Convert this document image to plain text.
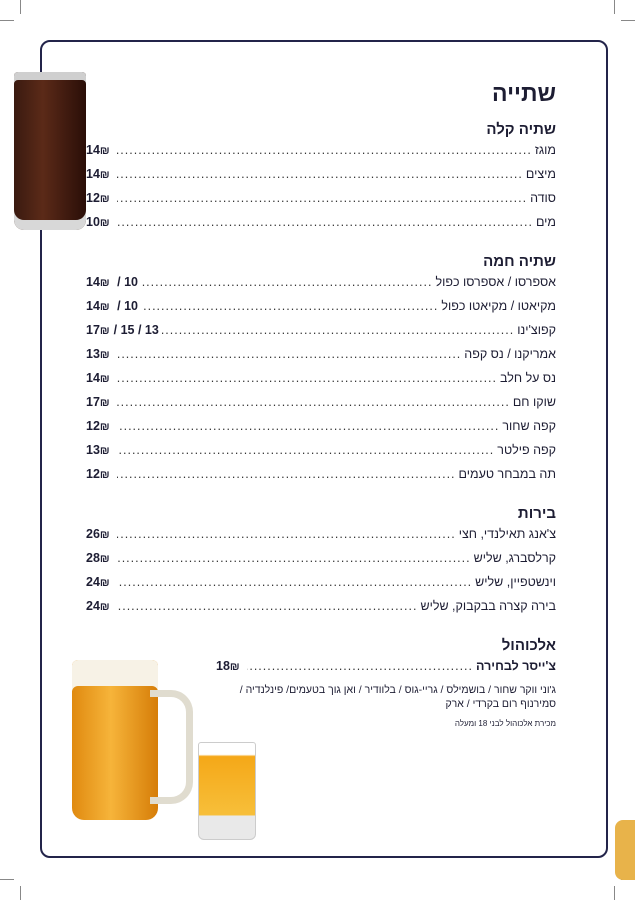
שתייה
שתיה קלה
מוגז
.....
14₪
מיצים
.....
14₪
סודה
.....
12₪
מים
.....
10₪
שתיה חמה
אספרסו / אספרסו כפול
.....
10 / 14₪
מקיאטו / מקיאטו כפול
.....
10 / 14₪
קפוצ'ינו
.....
13 / 15 /17₪
אמריקנו / נס קפה
.....
13₪
נס על חלב
.....
14₪
שוקו חם
.....
17₪
קפה שחור
.....
12₪
קפה פילטר
.....
13₪
תה במבחר טעמים
.....
12₪
בירות
צ'אנג תאילנדי, חצי
.....
26₪
קרלסברג, שליש
.....
28₪
וינשטפיין, שליש
.....
24₪
בירה קצרה בבקבוק, שליש
.....
24₪
אלכוהול
צ'ייסר לבחירה
.....
18₪
ג'וני ווקר שחור / בושמילס / גריי-גוס / בלוודיר / ואן גוך בטעמים/ פינלנדיה / סמירנוף רום בקרדי / ארק
מכירת אלכוהול לבני 18 ומעלה
